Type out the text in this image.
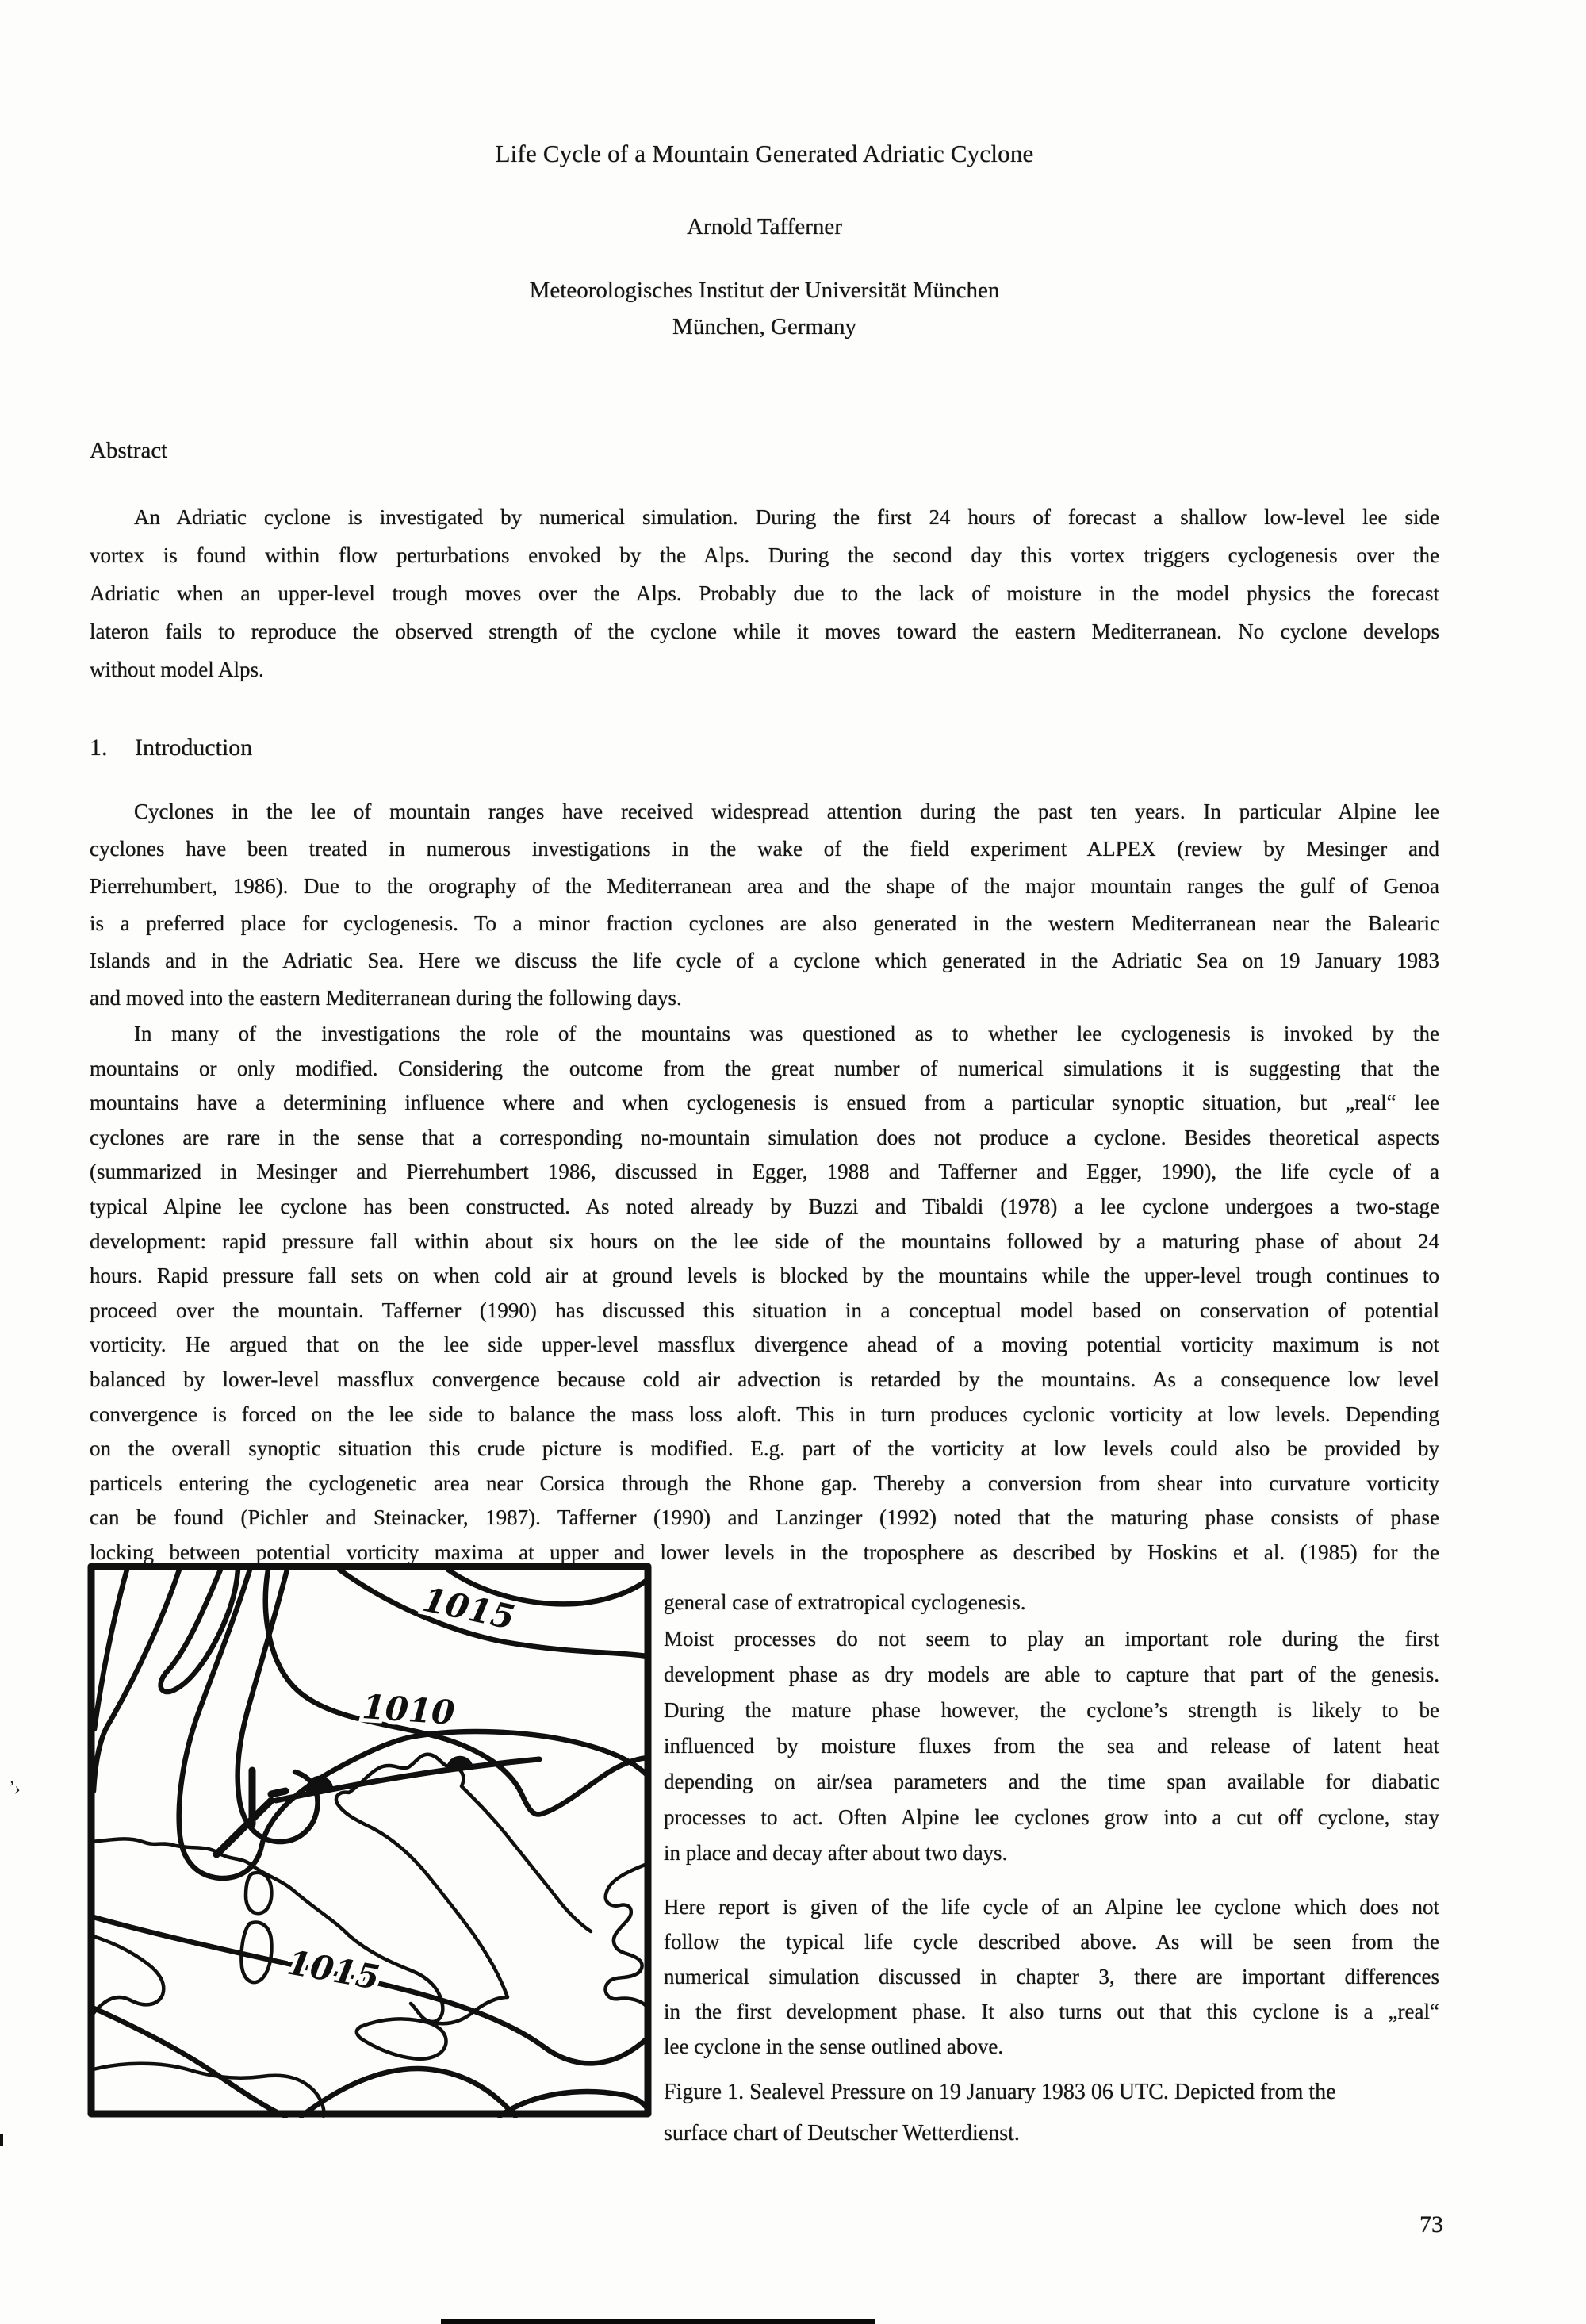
Life Cycle of a Mountain Generated Adriatic Cyclone
Arnold Tafferner
Meteorologisches Institut der Universität München
München, Germany
Abstract
An Adriatic cyclone is investigated by numerical simulation. During the first 24 hours of forecast a shallow low-level lee side
vortex is found within flow perturbations envoked by the Alps. During the second day this vortex triggers cyclogenesis over the
Adriatic when an upper-level trough moves over the Alps. Probably due to the lack of moisture in the model physics the forecast
lateron fails to reproduce the observed strength of the cyclone while it moves toward the eastern Mediterranean. No cyclone develops
without model Alps.
1. Introduction
Cyclones in the lee of mountain ranges have received widespread attention during the past ten years. In particular Alpine lee
cyclones have been treated in numerous investigations in the wake of the field experiment ALPEX (review by Mesinger and
Pierrehumbert, 1986). Due to the orography of the Mediterranean area and the shape of the major mountain ranges the gulf of Genoa
is a preferred place for cyclogenesis. To a minor fraction cyclones are also generated in the western Mediterranean near the Balearic
Islands and in the Adriatic Sea. Here we discuss the life cycle of a cyclone which generated in the Adriatic Sea on 19 January 1983
and moved into the eastern Mediterranean during the following days.
In many of the investigations the role of the mountains was questioned as to whether lee cyclogenesis is invoked by the
mountains or only modified. Considering the outcome from the great number of numerical simulations it is suggesting that the
mountains have a determining influence where and when cyclogenesis is ensued from a particular synoptic situation, but „real“ lee
cyclones are rare in the sense that a corresponding no-mountain simulation does not produce a cyclone. Besides theoretical aspects
(summarized in Mesinger and Pierrehumbert 1986, discussed in Egger, 1988 and Tafferner and Egger, 1990), the life cycle of a
typical Alpine lee cyclone has been constructed. As noted already by Buzzi and Tibaldi (1978) a lee cyclone undergoes a two-stage
development: rapid pressure fall within about six hours on the lee side of the mountains followed by a maturing phase of about 24
hours. Rapid pressure fall sets on when cold air at ground levels is blocked by the mountains while the upper-level trough continues to
proceed over the mountain. Tafferner (1990) has discussed this situation in a conceptual model based on conservation of potential
vorticity. He argued that on the lee side upper-level massflux divergence ahead of a moving potential vorticity maximum is not
balanced by lower-level massflux convergence because cold air advection is retarded by the mountains. As a consequence low level
convergence is forced on the lee side to balance the mass loss aloft. This in turn produces cyclonic vorticity at low levels. Depending
on the overall synoptic situation this crude picture is modified. E.g. part of the vorticity at low levels could also be provided by
particels entering the cyclogenetic area near Corsica through the Rhone gap. Thereby a conversion from shear into curvature vorticity
can be found (Pichler and Steinacker, 1987). Tafferner (1990) and Lanzinger (1992) noted that the maturing phase consists of phase
locking between potential vorticity maxima at upper and lower levels in the troposphere as described by Hoskins et al. (1985) for the
1015
1010
1015
general case of extratropical cyclogenesis.
Moist processes do not seem to play an important role during the first
development phase as dry models are able to capture that part of the genesis.
During the mature phase however, the cyclone’s strength is likely to be
influenced by moisture fluxes from the sea and release of latent heat
depending on air/sea parameters and the time span available for diabatic
processes to act. Often Alpine lee cyclones grow into a cut off cyclone, stay
in place and decay after about two days.
Here report is given of the life cycle of an Alpine lee cyclone which does not
follow the typical life cycle described above. As will be seen from the
numerical simulation discussed in chapter 3, there are important differences
in the first development phase. It also turns out that this cyclone is a „real“
lee cyclone in the sense outlined above.
Figure 1. Sealevel Pressure on 19 January 1983 06 UTC. Depicted from the
surface chart of Deutscher Wetterdienst.
73
’›
